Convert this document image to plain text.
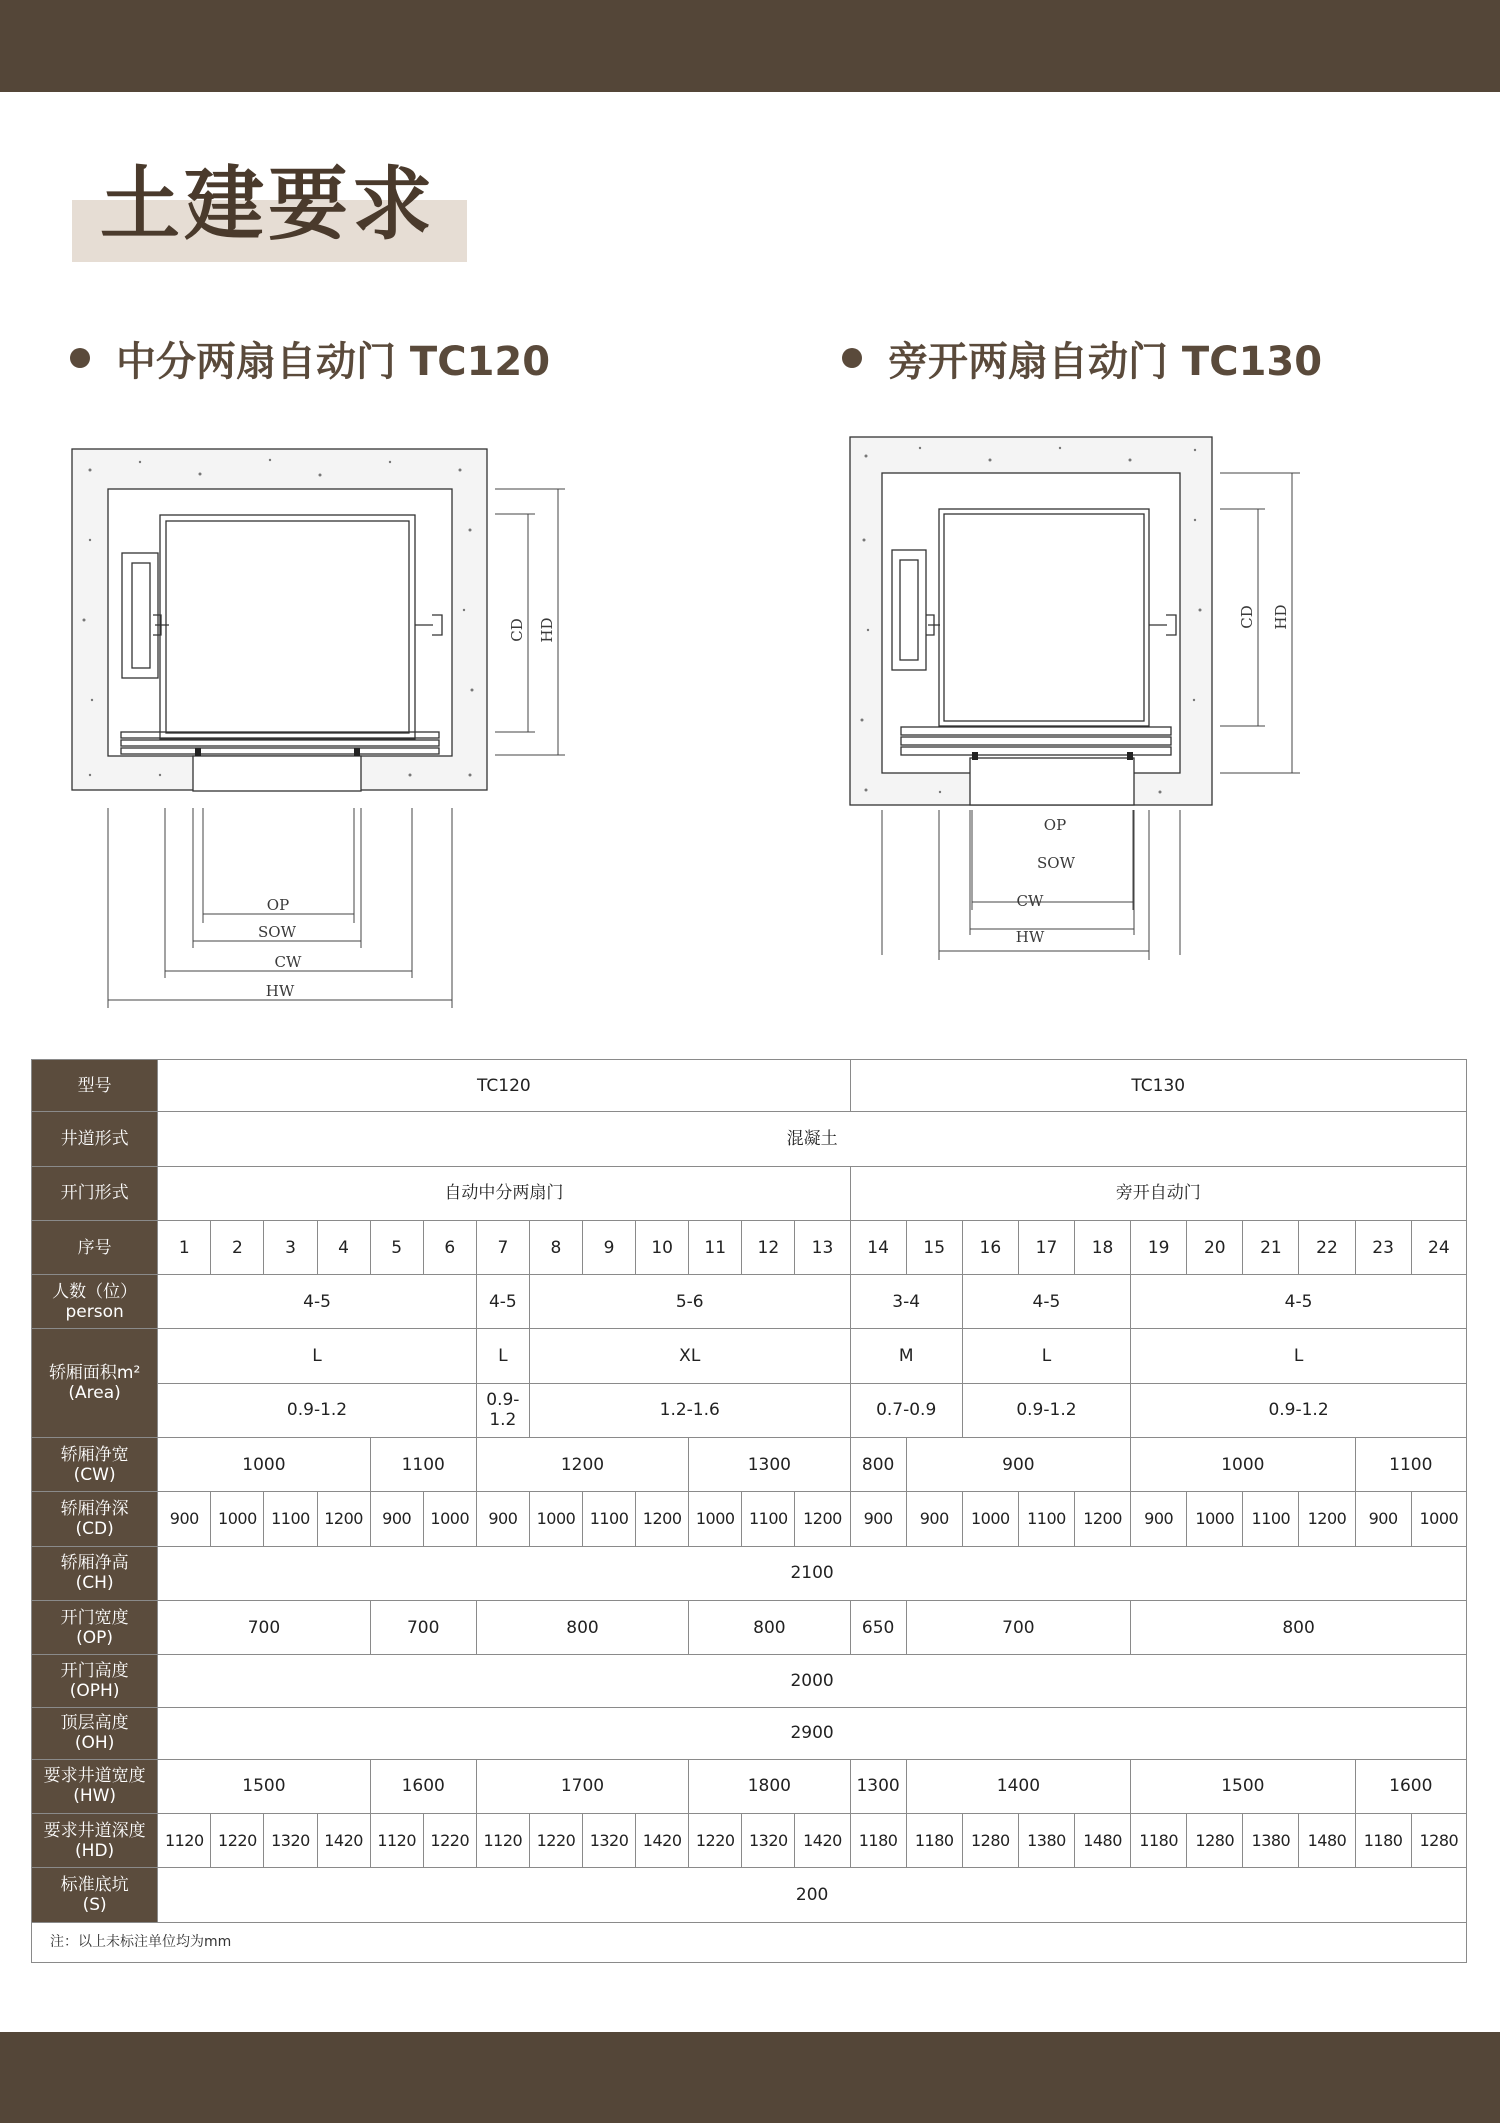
土建要求
中分两扇自动门 TC120	旁开两扇自动门 TC130
OP
SOW
CW
HW
CD HD
OP
SOW
CW
HW
CD HD
型号	TC120													TC130										
井道形式	混凝土																							
开门形式	自动中分两扇门													旁开自动门										
序号	1	2	3	4	5	6	7	8	9	10	11	12	13	14	15	16	17	18	19	20	21	22	23	24
人数（位）
person	4-5						4-5	5-6						3-4		4-5			4-5					
轿厢面积m²
(Area)	L						L	XL						M		L			L					
	0.9-1.2						0.9-
1.2	1.2-1.6						0.7-0.9		0.9-1.2			0.9-1.2					
轿厢净宽
(CW)	1000				1100		1200				1300			800	900				1000				1100	
轿厢净深
(CD)	900	1000	1100	1200	900	1000	900	1000	1100	1200	1000	1100	1200	900	900	1000	1100	1200	900	1000	1100	1200	900	1000
轿厢净高
(CH)	2100																							
开门宽度
(OP)	700				700		800				800			650	700				800					
开门高度
(OPH)	2000																							
顶层高度
(OH)	2900																							
要求井道宽度
(HW)	1500				1600		1700				1800			1300	1400				1500				1600	
要求井道深度
(HD)	1120	1220	1320	1420	1120	1220	1120	1220	1320	1420	1220	1320	1420	1180	1180	1280	1380	1480	1180	1280	1380	1480	1180	1280
标准底坑
(S)	200																							
注：以上未标注单位均为mm																								
